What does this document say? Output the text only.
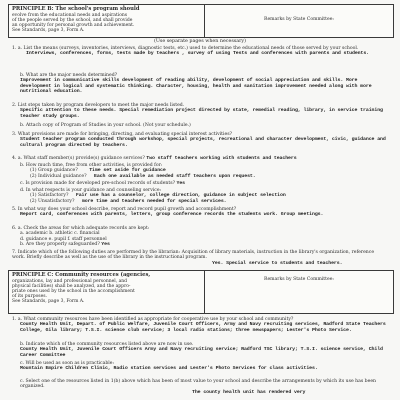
PRINCIPLE B: The school's program should
evolve from the educational needs and aspirations
of the people served by the school, and shall provide
an opportunity for personal growth and achievement.
See Standards, page 3, Form A.
Remarks by State Committee:
(Use separate pages when necessary)
1. a. List the means (surveys, inventories, interviews, diagnostic tests, etc.) used to determine the educational needs of those served by your school.
Interviews, conferences, forms, tests made by teachers , survey of using Tests and conferences with parents and students.
b. What are the major needs determined?
Improvement in communicative skills development of reading ability, development of social appreciation and skills. More development in logical and systematic thinking. Character, housing, health and sanitation improvement needed along with more nutritional education.
2. List steps taken by program developers to meet the major needs listed.
Specific attention to these needs. Special remediation project directed by state, remedial reading, library, in service training teacher study groups.
b. Attach copy of Program of Studies in your school. (Not your schedule.)
3. What provisions are made for bringing, directing, and evaluating special interest activities?
Student teacher program conducted through workshop, special projects, recreational and character development, civic, guidance and cultural program directed by teachers.
4. a. What staff member(s) provide(s) guidance services? Two staff teachers working with students and teachers
b. How much time, free from other activities, is provided for:
(1) Group guidance? Time set aside for guidance
(2) Individual guidance? Each one available as needed staff teachers upon request.
c. Is provision made for developed pre-school records of students? Yes
d. In what respects is your guidance and counseling service:
(1) Satisfactory? Fair use has a counselor, college direction, guidance in subject selection
(2) Unsatisfactory? more time and teachers needed for special services.
5. In what way does your school describe, report and record pupil growth and accomplishment?
Report card, conferences with parents, letters, group conference records the students work. Group meetings.
6. a. Check the areas for which adequate records are kept:
a. academic b. athletic c. financial
d. guidance e. pupil f. staff personnel
b. Are they properly safeguarded? Yes
7. Indicate which of the following duties are performed by the librarian: Acquisition of library materials, instruction in the library's organization, reference work. Briefly describe as well as the use of the library in the instructional program.
Yes. Special service to students and teachers.
PRINCIPLE C: Community resources (agencies,
organizations, lay and professional personnel, and
physical facilities) shall be analyzed, and the appro-
priate ones used by the school in the accomplishment
of its purposes.
See Standards, page 3, Form A.
Remarks by State Committee:
1. a. What community resources have been identified as appropriate for cooperative use by your school and community?
County Health Unit, Depart. of Public Welfare, Juvenile Court Officers, Army and Navy recruiting services, Radford State Teachers College, Gila library; T.S.I. science club service; 3 local radio stations; three newspapers; Lester's Photo Service.
b. Indicate which of the community resources listed above are now in use.
County Health Unit, Juvenile Court Officers Army and Navy recruiting service; Radford TSC library; T.S.I. science service, Child Career Committee
c. Will be used as soon as is practicable:
Mountain Empire Children Clinic, Radio station services and Lester's Photo Services for class activities.
c. Select one of the resources listed in 1(b) above which has been of most value to your school and describe the arrangements by which its use has been organized.
The county health unit has rendered very
